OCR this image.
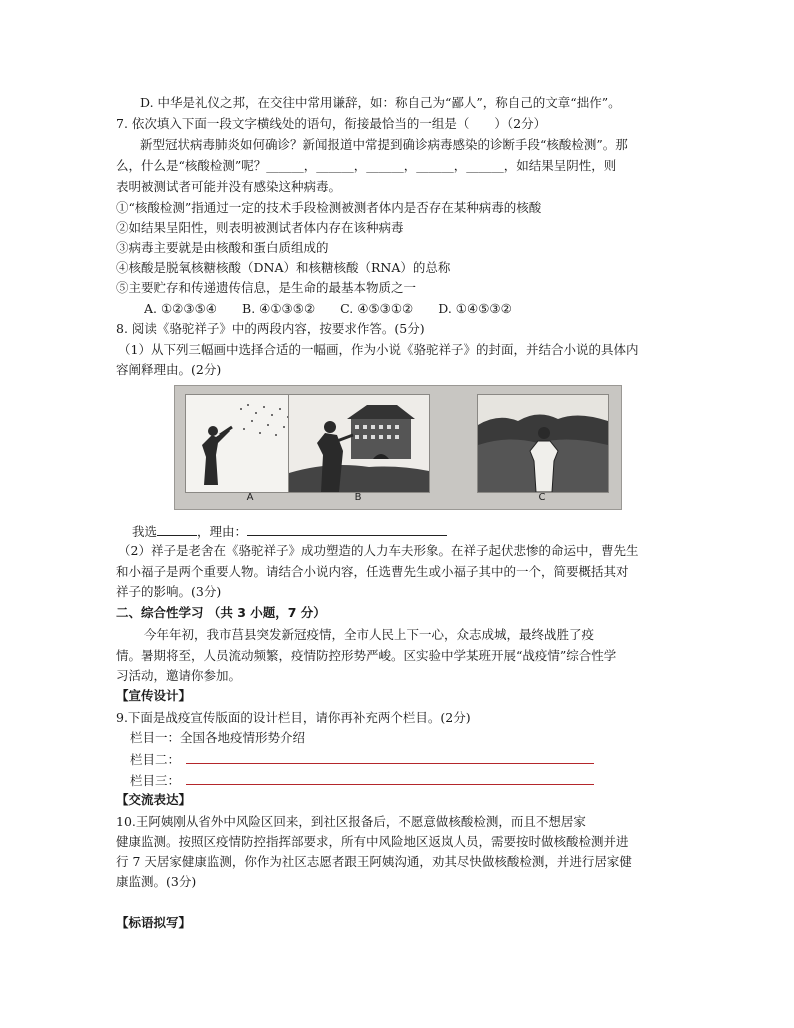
D. 中华是礼仪之邦，在交往中常用谦辞，如：称自己为“鄙人”，称自己的文章“拙作”。
7. 依次填入下面一段文字横线处的语句，衔接最恰当的一组是（　　）（2分）
新型冠状病毒肺炎如何确诊？新闻报道中常提到确诊病毒感染的诊断手段“核酸检测”。那
么，什么是“核酸检测”呢？______，______，______，______，______，如结果呈阴性，则
表明被测试者可能并没有感染这种病毒。
①“核酸检测”指通过一定的技术手段检测被测者体内是否存在某种病毒的核酸
②如结果呈阳性，则表明被测试者体内存在该种病毒
③病毒主要就是由核酸和蛋白质组成的
④核酸是脱氧核糖核酸（DNA）和核糖核酸（RNA）的总称
⑤主要贮存和传递遗传信息，是生命的最基本物质之一
A. ①②③⑤④　　B. ④①③⑤②　　C. ④⑤③①②　　D. ①④⑤③②
8. 阅读《骆驼祥子》中的两段内容，按要求作答。(5分)
（1）从下列三幅画中选择合适的一幅画，作为小说《骆驼祥子》的封面，并结合小说的具体内
容阐释理由。(2分)
A	B	C
我选	，理由：
（2）祥子是老舍在《骆驼祥子》成功塑造的人力车夫形象。在祥子起伏悲惨的命运中，曹先生
和小福子是两个重要人物。请结合小说内容，任选曹先生或小福子其中的一个，简要概括其对
祥子的影响。(3分)
二、综合性学习 （共 3 小题，7 分）
今年年初，我市莒县突发新冠疫情，全市人民上下一心，众志成城，最终战胜了疫
情。暑期将至，人员流动频繁，疫情防控形势严峻。区实验中学某班开展“战疫情”综合性学
习活动，邀请你参加。
【宣传设计】
9.下面是战疫宣传版面的设计栏目，请你再补充两个栏目。(2分)
栏目一：全国各地疫情形势介绍
栏目二：
栏目三：
【交流表达】
10.王阿姨刚从省外中风险区回来，到社区报备后，不愿意做核酸检测，而且不想居家
健康监测。按照区疫情防控指挥部要求，所有中风险地区返岚人员，需要按时做核酸检测并进
行 7 天居家健康监测，你作为社区志愿者跟王阿姨沟通，劝其尽快做核酸检测，并进行居家健
康监测。(3分)
【标语拟写】
